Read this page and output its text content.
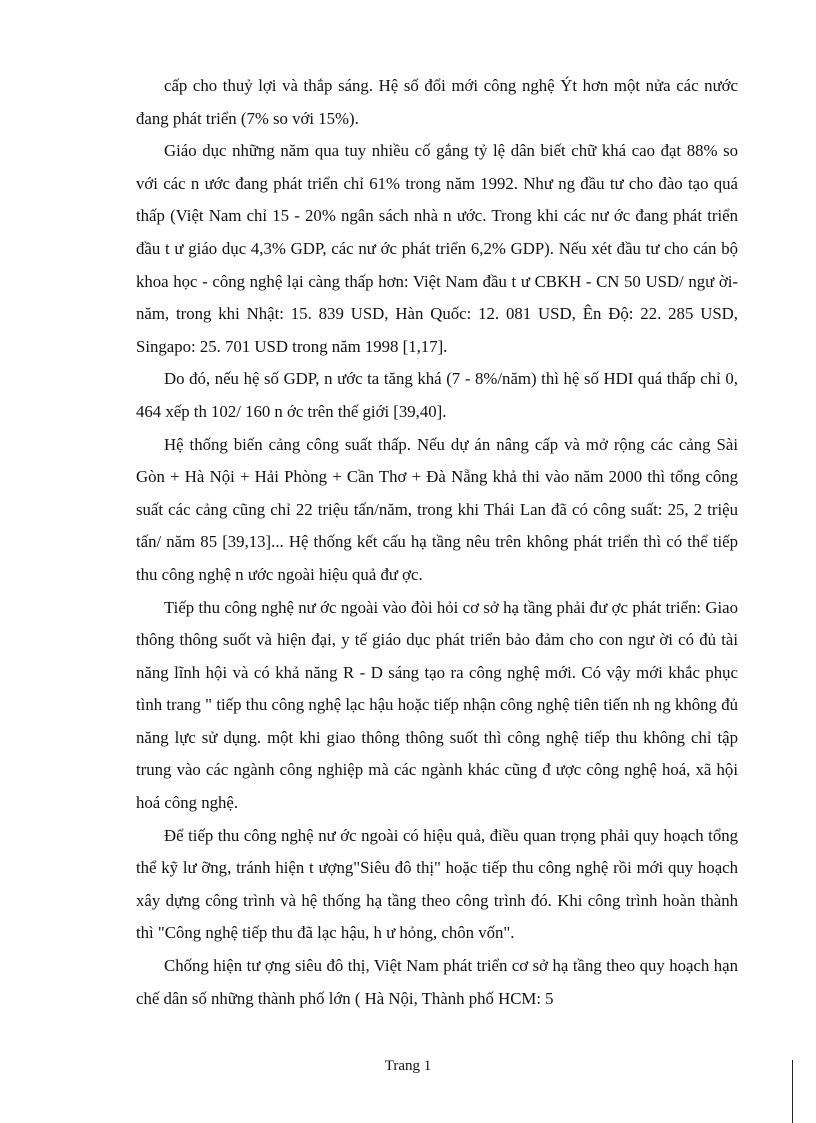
cấp cho thuỷ lợi và thắp sáng. Hệ số đổi mới công nghệ Ýt hơn một nửa các nước đang phát triển (7% so với 15%).

Giáo dục những năm qua tuy nhiều cố gắng tỷ lệ dân biết chữ khá cao đạt 88% so với các n ước đang phát triển chỉ 61% trong năm 1992. Như ng đầu tư cho đào tạo quá thấp (Việt Nam chỉ 15 - 20% ngân sách nhà n ước. Trong khi các nư ớc đang phát triển đầu t ư giáo dục 4,3% GDP, các nư ớc phát triển 6,2% GDP). Nếu xét đầu tư cho cán bộ khoa học - công nghệ lại càng thấp hơn: Việt Nam đầu t ư CBKH - CN 50 USD/ ngư ời- năm, trong khi Nhật: 15. 839 USD, Hàn Quốc: 12. 081 USD, Ên Độ: 22. 285 USD, Singapo: 25. 701 USD trong năm 1998 [1,17].

Do đó, nếu hệ số GDP, n ước ta tăng khá (7 - 8%/năm) thì hệ số HDI quá thấp chỉ 0, 464 xếp th 102/ 160 n ớc trên thế giới [39,40].

Hệ thống biến cảng công suất thấp. Nếu dự án nâng cấp và mở rộng các cảng Sài Gòn + Hà Nội + Hải Phòng + Cần Thơ + Đà Nẵng khả thi vào năm 2000 thì tổng công suất các cảng cũng chỉ 22 triệu tấn/năm, trong khi Thái Lan đã có công suất: 25, 2 triệu tấn/ năm 85 [39,13]... Hệ thống kết cấu hạ tầng nêu trên không phát triển thì có thể tiếp thu công nghệ n ước ngoài hiệu quả đư ợc.

Tiếp thu công nghệ nư ớc ngoài vào đòi hỏi cơ sở hạ tầng phải đư ợc phát triển: Giao thông thông suốt và hiện đại, y tế giáo dục phát triển bảo đảm cho con ngư ời có đủ tài năng lĩnh hội và có khả năng R - D sáng tạo ra công nghệ mới. Có vậy mới khắc phục tình trang " tiếp thu công nghệ lạc hậu hoặc tiếp nhận công nghệ tiên tiến nh ng không đủ năng lực sử dụng. một khi giao thông thông suốt thì công nghệ tiếp thu không chỉ tập trung vào các ngành công nghiệp mà các ngành khác cũng đ ược công nghệ hoá, xã hội hoá công nghệ.

Để tiếp thu công nghệ nư ớc ngoài có hiệu quả, điều quan trọng phải quy hoạch tổng thể kỹ lư ỡng, tránh hiện t ượng"Siêu đô thị" hoặc tiếp thu công nghệ rồi mới quy hoạch xây dựng công trình và hệ thống hạ tầng theo công trình đó. Khi công trình hoàn thành thì "Công nghệ tiếp thu đã lạc hậu, h ư hỏng, chôn vốn".

Chống hiện tư ợng siêu đô thị, Việt Nam phát triển cơ sở hạ tầng theo quy hoạch hạn chế dân số những thành phố lớn ( Hà Nội, Thành phố HCM: 5

Trang 1
